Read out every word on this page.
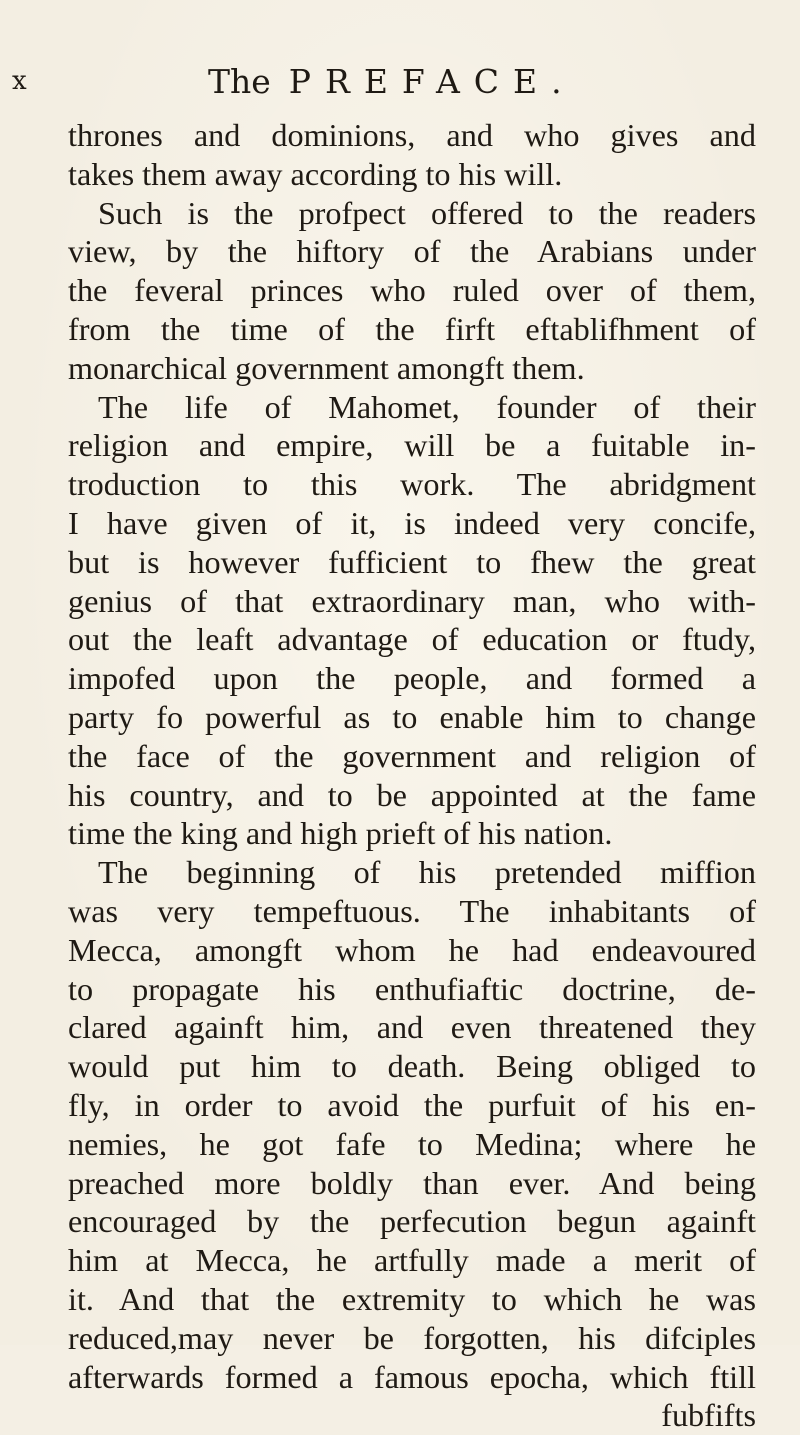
x	The PREFACE.
thrones and dominions, and who gives and
takes them away according to his will.
Such is the profpect offered to the readers
view, by the hiftory of the Arabians under
the feveral princes who ruled over of them,
from the time of the firft eftablifhment of
monarchical government amongft them.
The life of Mahomet, founder of their
religion and empire, will be a fuitable in-
troduction to this work. The abridgment
I have given of it, is indeed very concife,
but is however fufficient to fhew the great
genius of that extraordinary man, who with-
out the leaft advantage of education or ftudy,
impofed upon the people, and formed a
party fo powerful as to enable him to change
the face of the government and religion of
his country, and to be appointed at the fame
time the king and high prieft of his nation.
The beginning of his pretended miffion
was very tempeftuous. The inhabitants of
Mecca, amongft whom he had endeavoured
to propagate his enthufiaftic doctrine, de-
clared againft him, and even threatened they
would put him to death. Being obliged to
fly, in order to avoid the purfuit of his en-
nemies, he got fafe to Medina; where he
preached more boldly than ever. And being
encouraged by the perfecution begun againft
him at Mecca, he artfully made a merit of
it. And that the extremity to which he was
reduced,may never be forgotten, his difciples
afterwards formed a famous epocha, which ftill
fubfifts
